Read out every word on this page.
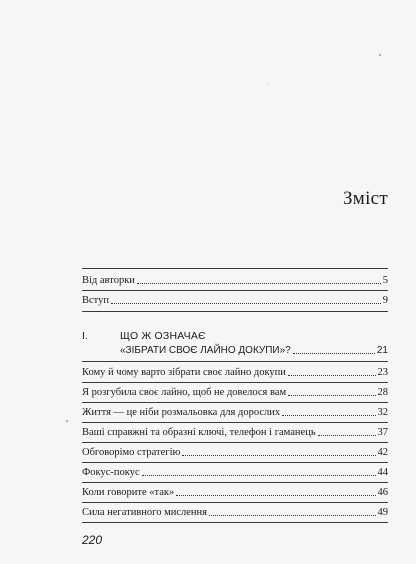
Зміст
Від авторки	5
Вступ	9
I.	ЩО Ж ОЗНАЧАЄ
«ЗІБРАТИ СВОЄ ЛАЙНО ДОКУПИ»?	21
Кому й чому варто зібрати своє лайно докупи	23
Я розгубила своє лайно, щоб не довелося вам	28
Життя — це ніби розмальовка для дорослих	32
Ваші справжні та образні ключі, телефон і гаманець	37
Обговорімо стратегію	42
Фокус-покус	44
Коли говорите «так»	46
Сила негативного мислення	49
220
